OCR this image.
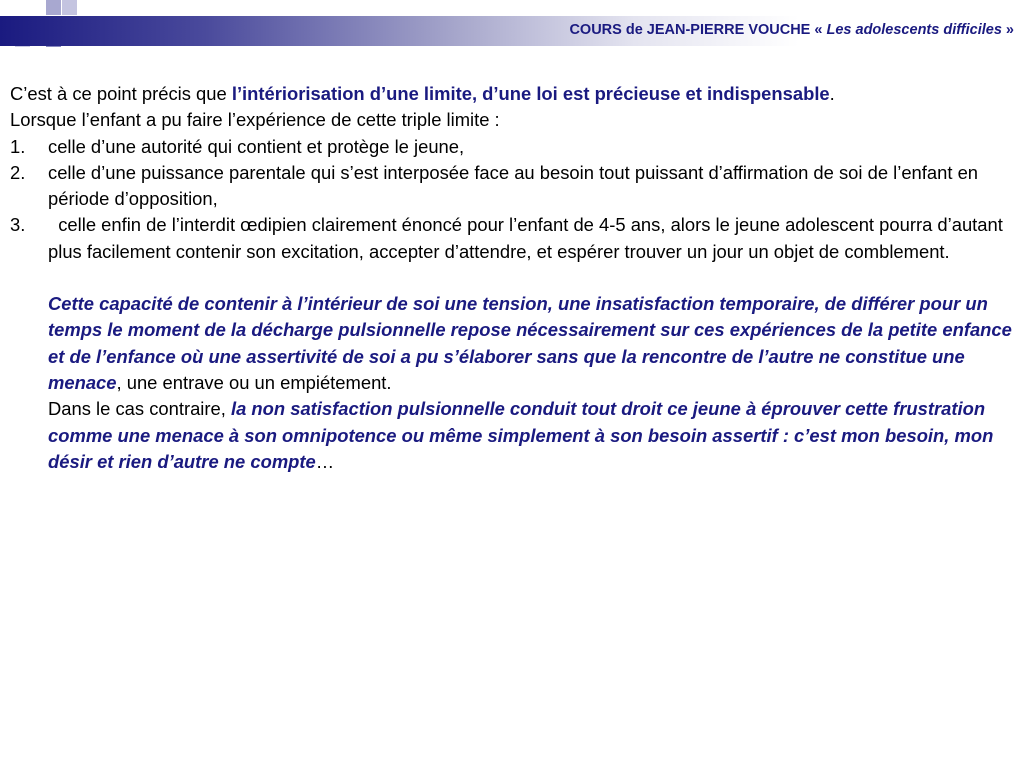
COURS de JEAN-PIERRE VOUCHE « Les adolescents difficiles »

C’est à ce point précis que l’intériorisation d’une limite, d’une loi est précieuse et indispensable.

Lorsque l’enfant a pu faire l’expérience de cette triple limite :

1. celle d’une autorité qui contient et protège le jeune,

2. celle d’une puissance parentale qui s’est interposée face au besoin tout puissant d’affirmation de soi de l’enfant en période d’opposition,

3.  celle enfin de l’interdit œdipien clairement énoncé pour l’enfant de 4-5 ans, alors le jeune adolescent pourra d’autant plus facilement contenir son excitation, accepter d’attendre, et espérer trouver un jour un objet de comblement.

Cette capacité de contenir à l’intérieur de soi une tension, une insatisfaction temporaire, de différer pour un temps le moment de la décharge pulsionnelle repose nécessairement sur ces expériences de la petite enfance et de l’enfance où une assertivité de soi a pu s’élaborer sans que la rencontre de l’autre ne constitue une menace, une entrave ou un empiétement.

Dans le cas contraire, la non satisfaction pulsionnelle conduit tout droit ce jeune à éprouver cette frustration comme une menace à son omnipotence ou même simplement à son besoin assertif : c’est mon besoin, mon désir et rien d’autre ne compte…
